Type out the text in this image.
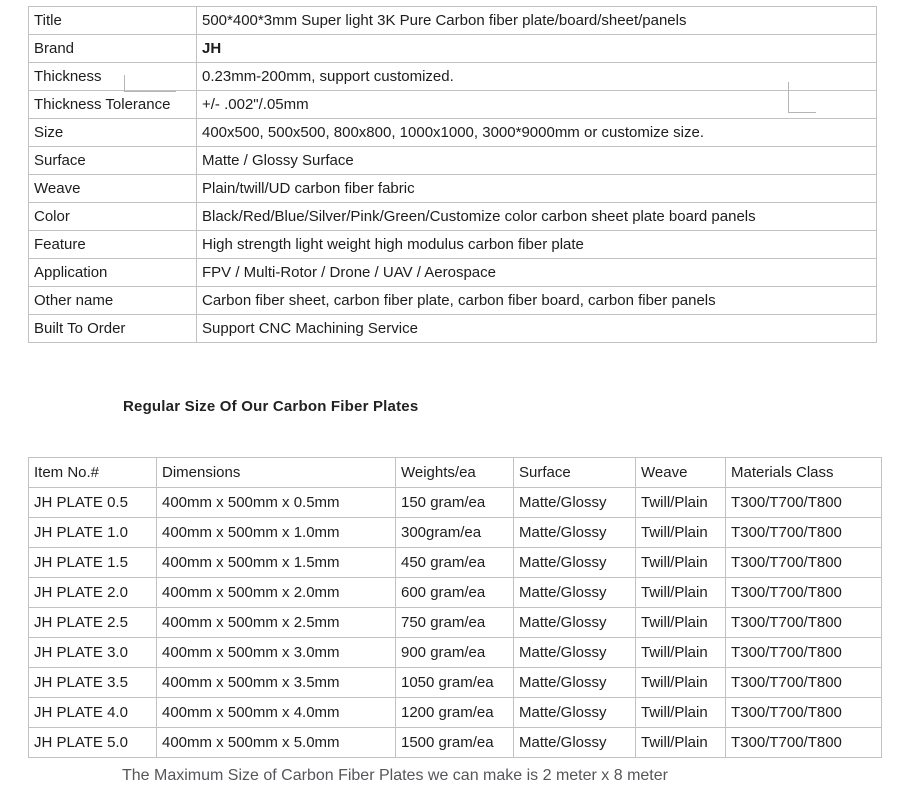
Title	500*400*3mm Super light 3K Pure Carbon fiber plate/board/sheet/panels
Brand	JH
Thickness	0.23mm-200mm, support customized.
Thickness Tolerance	+/- .002"/.05mm
Size	400x500, 500x500, 800x800, 1000x1000, 3000*9000mm or customize size.
Surface	Matte / Glossy Surface
Weave	Plain/twill/UD carbon fiber fabric
Color	Black/Red/Blue/Silver/Pink/Green/Customize color carbon sheet plate board panels
Feature	High strength light weight high modulus carbon fiber plate
Application	FPV / Multi-Rotor / Drone / UAV / Aerospace
Other name	Carbon fiber sheet, carbon fiber plate, carbon fiber board, carbon fiber panels
Built To Order	Support CNC Machining Service
Regular Size Of Our Carbon Fiber Plates
Item No.#	Dimensions	Weights/ea	Surface	Weave	Materials Class
JH PLATE 0.5	400mm x 500mm x 0.5mm	150 gram/ea	Matte/Glossy	Twill/Plain	T300/T700/T800
JH PLATE 1.0	400mm x 500mm x 1.0mm	300gram/ea	Matte/Glossy	Twill/Plain	T300/T700/T800
JH PLATE 1.5	400mm x 500mm x 1.5mm	450 gram/ea	Matte/Glossy	Twill/Plain	T300/T700/T800
JH PLATE 2.0	400mm x 500mm x 2.0mm	600 gram/ea	Matte/Glossy	Twill/Plain	T300/T700/T800
JH PLATE 2.5	400mm x 500mm x 2.5mm	750 gram/ea	Matte/Glossy	Twill/Plain	T300/T700/T800
JH PLATE 3.0	400mm x 500mm x 3.0mm	900 gram/ea	Matte/Glossy	Twill/Plain	T300/T700/T800
JH PLATE 3.5	400mm x 500mm x 3.5mm	1050 gram/ea	Matte/Glossy	Twill/Plain	T300/T700/T800
JH PLATE 4.0	400mm x 500mm x 4.0mm	1200 gram/ea	Matte/Glossy	Twill/Plain	T300/T700/T800
JH PLATE 5.0	400mm x 500mm x 5.0mm	1500 gram/ea	Matte/Glossy	Twill/Plain	T300/T700/T800
The Maximum Size of Carbon Fiber Plates we can make is 2 meter x 8 meter
